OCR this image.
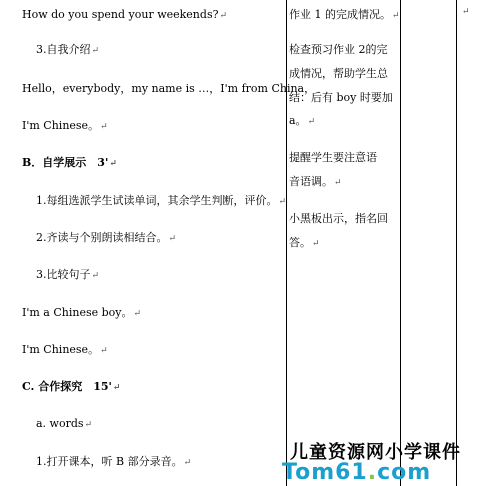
How do you spend your weekends?↵
3.自我介绍↵
Hello，everybody，my name is …，I'm from China，
I'm Chinese。↵
B．自学展示　3'↵
1.每组选派学生试读单词，其余学生判断，评价。↵
2.齐读与个别朗读相结合。↵
3.比较句子↵
I'm a Chinese boy。↵
I'm Chinese。↵
C. 合作探究　15'↵
a. words↵
1.打开课本，听 B 部分录音。↵
作业 1 的完成情况。↵
检查预习作业 2的完
成情况，帮助学生总
结：后有 boy 时要加
a。↵
提醒学生要注意语
音语调。↵
小黑板出示，指名回
答。↵
↵
儿童资源网小学课件
Tom61.com
